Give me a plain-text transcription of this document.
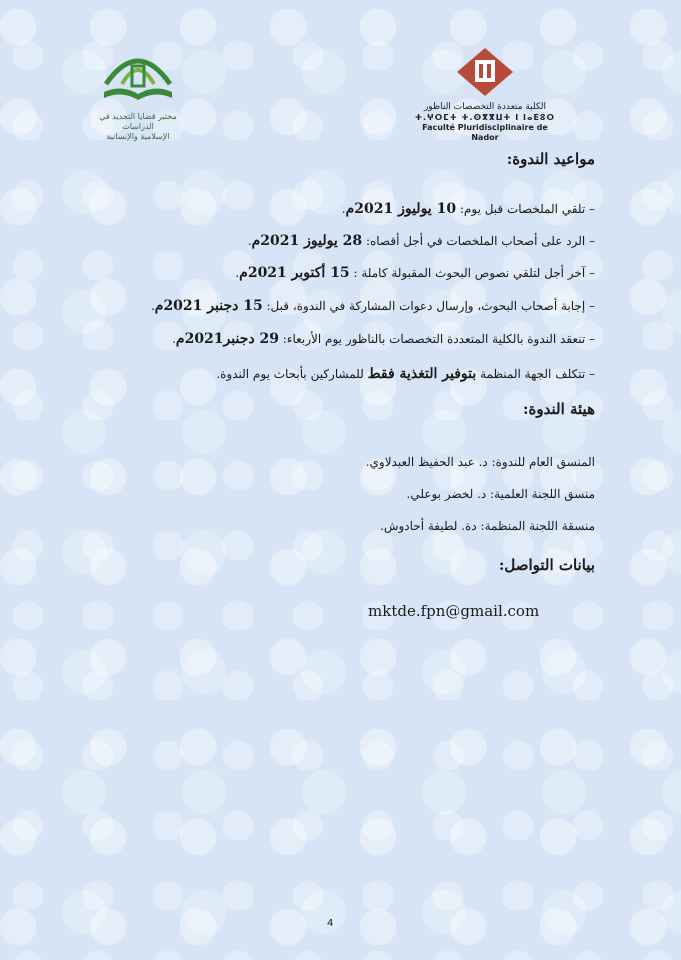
مختبر قضايا التجديد في الدراسات
الإسلامية والإنسانية
الكلية متعددة التخصصات الناظور
ⵜ.ⵖⵔⵎⵜ ⵜ.ⵙⴳⴳⵡⵜ ⵏ ⵏⴰⴹⵓⵔ
Faculté Pluridisciplinaire de Nador
مواعيد الندوة:
– تلقي الملخصات قبل يوم: 10 يوليوز 2021م.
– الرد على أصحاب الملخصات في أجل أقصاه: 28 يوليوز 2021م.
– آخر أجل لتلقي نصوص البحوث المقبولة كاملة : 15 أكتوبر 2021م.
– إجابة أصحاب البحوث، وإرسال دعوات المشاركة في الندوة، قبل: 15 دجنبر 2021م.
– تنعقد الندوة بالكلية المتعددة التخصصات بالناظور يوم الأربعاء: 29 دجنبر2021م.
– تتكلف الجهة المنظمة بتوفير التغذية فقط للمشاركين بأبحاث يوم الندوة.
هيئة الندوة:
المنسق العام للندوة: د. عبد الحفيظ العبدلاوي.
منسق اللجنة العلمية: د. لخضر بوعلي.
منسقة اللجنة المنظمة: دة. لطيفة أحادوش.
بيانات التواصل:
mktde.fpn@gmail.com
4
